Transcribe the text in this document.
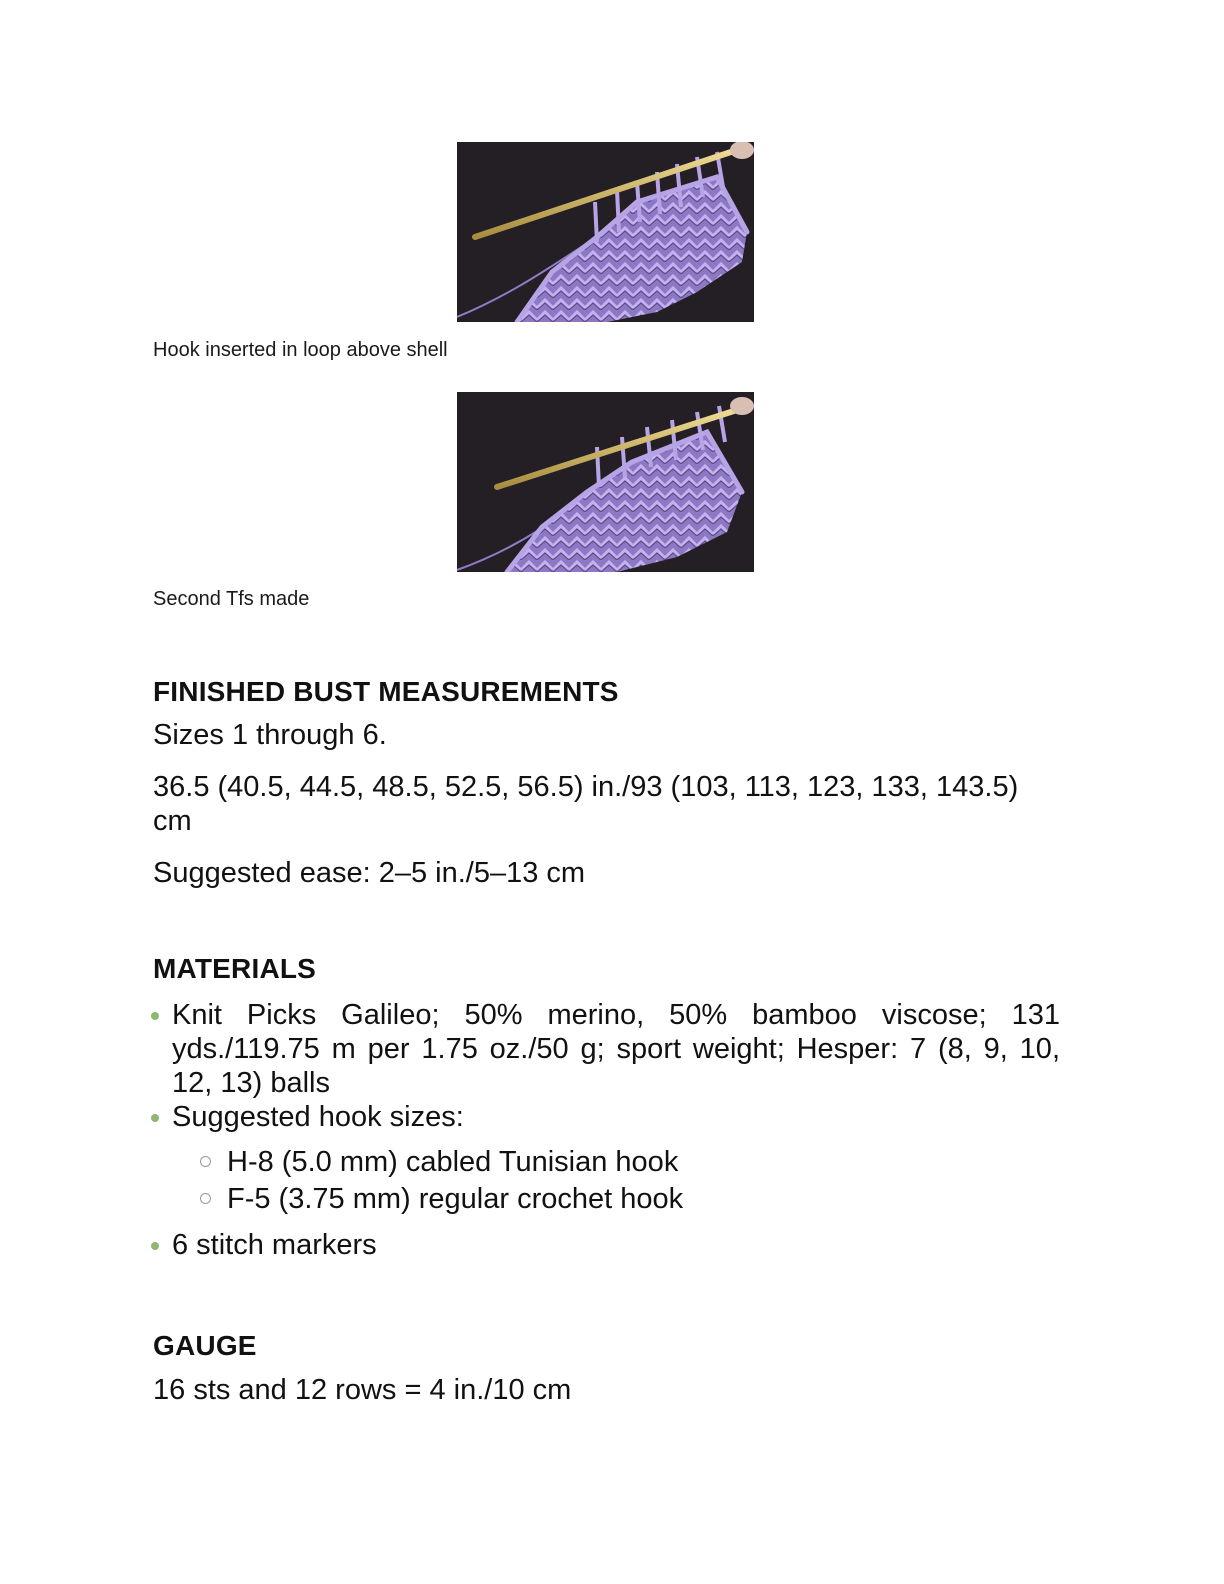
Hook inserted in loop above shell
Second Tfs made
FINISHED BUST MEASUREMENTS
Sizes 1 through 6.
36.5 (40.5, 44.5, 48.5, 52.5, 56.5) in./93 (103, 113, 123, 133, 143.5) cm
Suggested ease: 2–5 in./5–13 cm
MATERIALS
Knit Picks Galileo; 50% merino, 50% bamboo viscose; 131 yds./119.75 m per 1.75 oz./50 g; sport weight; Hesper: 7 (8, 9, 10, 12, 13) balls
Suggested hook sizes:
H-8 (5.0 mm) cabled Tunisian hook
F-5 (3.75 mm) regular crochet hook
6 stitch markers
GAUGE
16 sts and 12 rows = 4 in./10 cm
